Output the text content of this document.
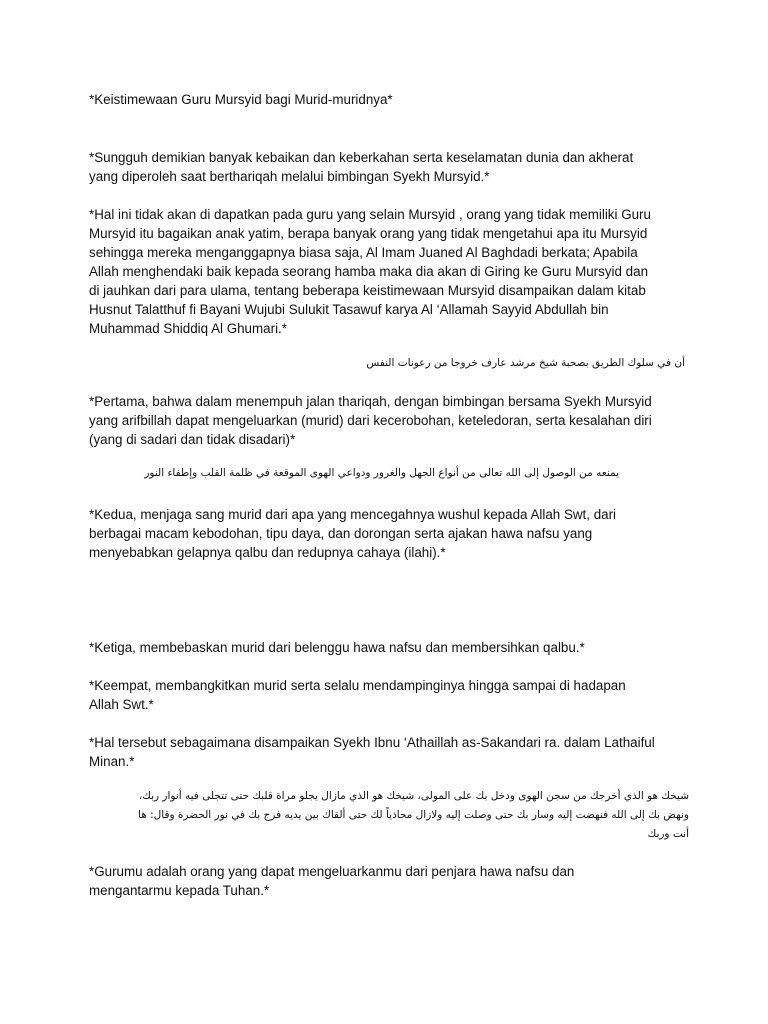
*Keistimewaan Guru Mursyid bagi Murid-muridnya*

*Sungguh demikian banyak kebaikan dan keberkahan serta keselamatan dunia dan akherat
yang diperoleh saat berthariqah melalui bimbingan Syekh Mursyid.*

*Hal ini tidak akan di dapatkan pada guru yang selain Mursyid , orang yang tidak memiliki Guru
Mursyid itu bagaikan anak yatim, berapa banyak orang yang tidak mengetahui apa itu Mursyid
sehingga mereka menganggapnya biasa saja, Al Imam Juaned Al Baghdadi berkata; Apabila
Allah menghendaki baik kepada seorang hamba maka dia akan di Giring ke Guru Mursyid dan
di jauhkan dari para ulama, tentang beberapa keistimewaan Mursyid disampaikan dalam kitab
Husnut Talatthuf fi Bayani Wujubi Sulukit Tasawuf karya Al ‘Allamah Sayyid Abdullah bin
Muhammad Shiddiq Al Ghumari.*

أن في سلوك الطريق بصحبة شيخ مرشد عارف خروجا من رعونات النفس

*Pertama, bahwa dalam menempuh jalan thariqah, dengan bimbingan bersama Syekh Mursyid
yang arifbillah dapat mengeluarkan (murid) dari kecerobohan, keteledoran, serta kesalahan diri
(yang di sadari dan tidak disadari)*

يمنعه من الوصول إلى الله تعالى من أنواع الجهل والغرور ودواعي الهوى الموقعة في ظلمة القلب وإطفاء النور

*Kedua, menjaga sang murid dari apa yang mencegahnya wushul kepada Allah Swt, dari
berbagai macam kebodohan, tipu daya, dan dorongan serta ajakan hawa nafsu yang
menyebabkan gelapnya qalbu dan redupnya cahaya (ilahi).*

*Ketiga, membebaskan murid dari belenggu hawa nafsu dan membersihkan qalbu.*

*Keempat, membangkitkan murid serta selalu mendampinginya hingga sampai di hadapan
Allah Swt.*

*Hal tersebut sebagaimana disampaikan Syekh Ibnu ‘Athaillah as-Sakandari ra. dalam Lathaiful
Minan.*

شيخك هو الذي أخرجك من سجن الهوى ودخل بك على المولى، شيخك هو الذي مازال يجلو مراة قلبك حتى تتجلى فيه أنوار ربك،
ونهض بك إلى الله فنهضت إليه وسار بك حتى وصلت إليه ولازال محاذياً لك حتى ألقاك بين يديه فرج بك في نور الحضرة وقال: ها
أنت وربك

*Gurumu adalah orang yang dapat mengeluarkanmu dari penjara hawa nafsu dan
mengantarmu kepada Tuhan.*
